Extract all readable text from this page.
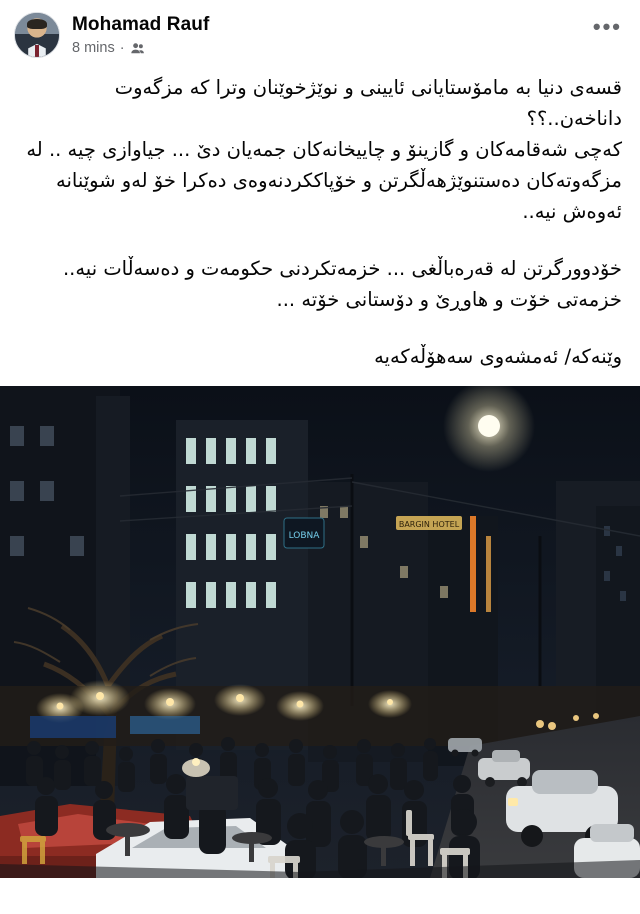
Mohamad Rauf
8 mins ·
•••

قسەی دنیا بە مامۆستایانی ئایینی و نوێژخوێنان وترا کە مزگەوت داناخەن..؟؟

کەچی شەقامەکان و گازینۆ و چاییخانەکان جمەیان دێ ... جیاوازی چیە .. لە مزگەوتەکان دەستنوێژهەڵگرتن و خۆپاککردنەوەی دەکرا خۆ لەو شوێنانە ئەوەش نیە..

خۆدوورگرتن لە قەرەباڵغی ... خزمەتکردنی حکومەت و دەسەڵات نیە.. خزمەتی خۆت و هاوڕێ و دۆستانی خۆتە ...

وێنەکە/ ئەمشەوی سەهۆڵەکەیە

LOBNA
BARGIN HOTEL
